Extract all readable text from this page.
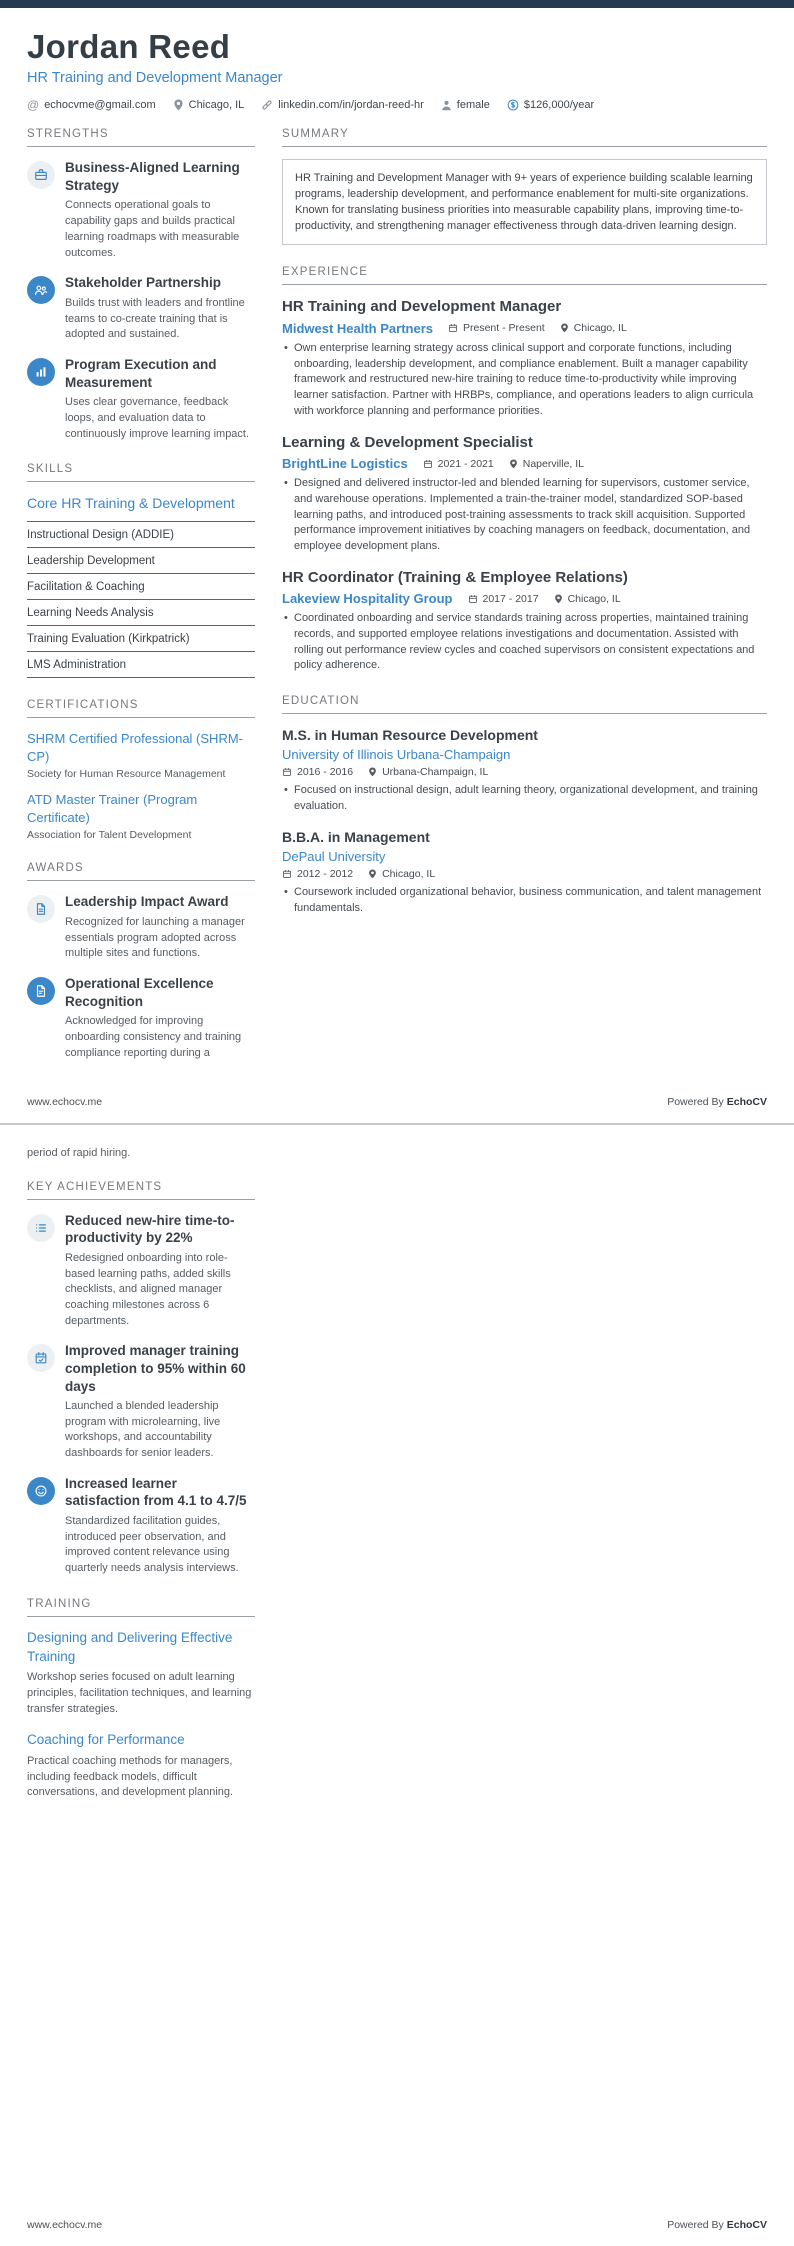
Jordan Reed
HR Training and Development Manager
@ echocvme@gmail.com	Chicago, IL	linkedin.com/in/jordan-reed-hr	female	$126,000/year
STRENGTHS
Business-Aligned Learning Strategy
Connects operational goals to capability gaps and builds practical learning roadmaps with measurable outcomes.
Stakeholder Partnership
Builds trust with leaders and frontline teams to co-create training that is adopted and sustained.
Program Execution and Measurement
Uses clear governance, feedback loops, and evaluation data to continuously improve learning impact.
SKILLS
Core HR Training & Development
Instructional Design (ADDIE)
Leadership Development
Facilitation & Coaching
Learning Needs Analysis
Training Evaluation (Kirkpatrick)
LMS Administration
CERTIFICATIONS
SHRM Certified Professional (SHRM-CP)
Society for Human Resource Management
ATD Master Trainer (Program Certificate)
Association for Talent Development
AWARDS
Leadership Impact Award
Recognized for launching a manager essentials program adopted across multiple sites and functions.
Operational Excellence Recognition
Acknowledged for improving onboarding consistency and training compliance reporting during a
SUMMARY
HR Training and Development Manager with 9+ years of experience building scalable learning programs, leadership development, and performance enablement for multi-site organizations. Known for translating business priorities into measurable capability plans, improving time-to-productivity, and strengthening manager effectiveness through data-driven learning design.
EXPERIENCE
HR Training and Development Manager
Midwest Health Partners	Present - Present	Chicago, IL
• Own enterprise learning strategy across clinical support and corporate functions, including onboarding, leadership development, and compliance enablement. Built a manager capability framework and restructured new-hire training to reduce time-to-productivity while improving learner satisfaction. Partner with HRBPs, compliance, and operations leaders to align curricula with workforce planning and performance priorities.
Learning & Development Specialist
BrightLine Logistics	2021 - 2021	Naperville, IL
• Designed and delivered instructor-led and blended learning for supervisors, customer service, and warehouse operations. Implemented a train-the-trainer model, standardized SOP-based learning paths, and introduced post-training assessments to track skill acquisition. Supported performance improvement initiatives by coaching managers on feedback, documentation, and employee development plans.
HR Coordinator (Training & Employee Relations)
Lakeview Hospitality Group	2017 - 2017	Chicago, IL
• Coordinated onboarding and service standards training across properties, maintained training records, and supported employee relations investigations and documentation. Assisted with rolling out performance review cycles and coached supervisors on consistent expectations and policy adherence.
EDUCATION
M.S. in Human Resource Development
University of Illinois Urbana-Champaign
2016 - 2016	Urbana-Champaign, IL
• Focused on instructional design, adult learning theory, organizational development, and training evaluation.
B.B.A. in Management
DePaul University
2012 - 2012	Chicago, IL
• Coursework included organizational behavior, business communication, and talent management fundamentals.
www.echocv.me	Powered By EchoCV
period of rapid hiring.
KEY ACHIEVEMENTS
Reduced new-hire time-to-productivity by 22%
Redesigned onboarding into role-based learning paths, added skills checklists, and aligned manager coaching milestones across 6 departments.
Improved manager training completion to 95% within 60 days
Launched a blended leadership program with microlearning, live workshops, and accountability dashboards for senior leaders.
Increased learner satisfaction from 4.1 to 4.7/5
Standardized facilitation guides, introduced peer observation, and improved content relevance using quarterly needs analysis interviews.
TRAINING
Designing and Delivering Effective Training
Workshop series focused on adult learning principles, facilitation techniques, and learning transfer strategies.
Coaching for Performance
Practical coaching methods for managers, including feedback models, difficult conversations, and development planning.
www.echocv.me	Powered By EchoCV
